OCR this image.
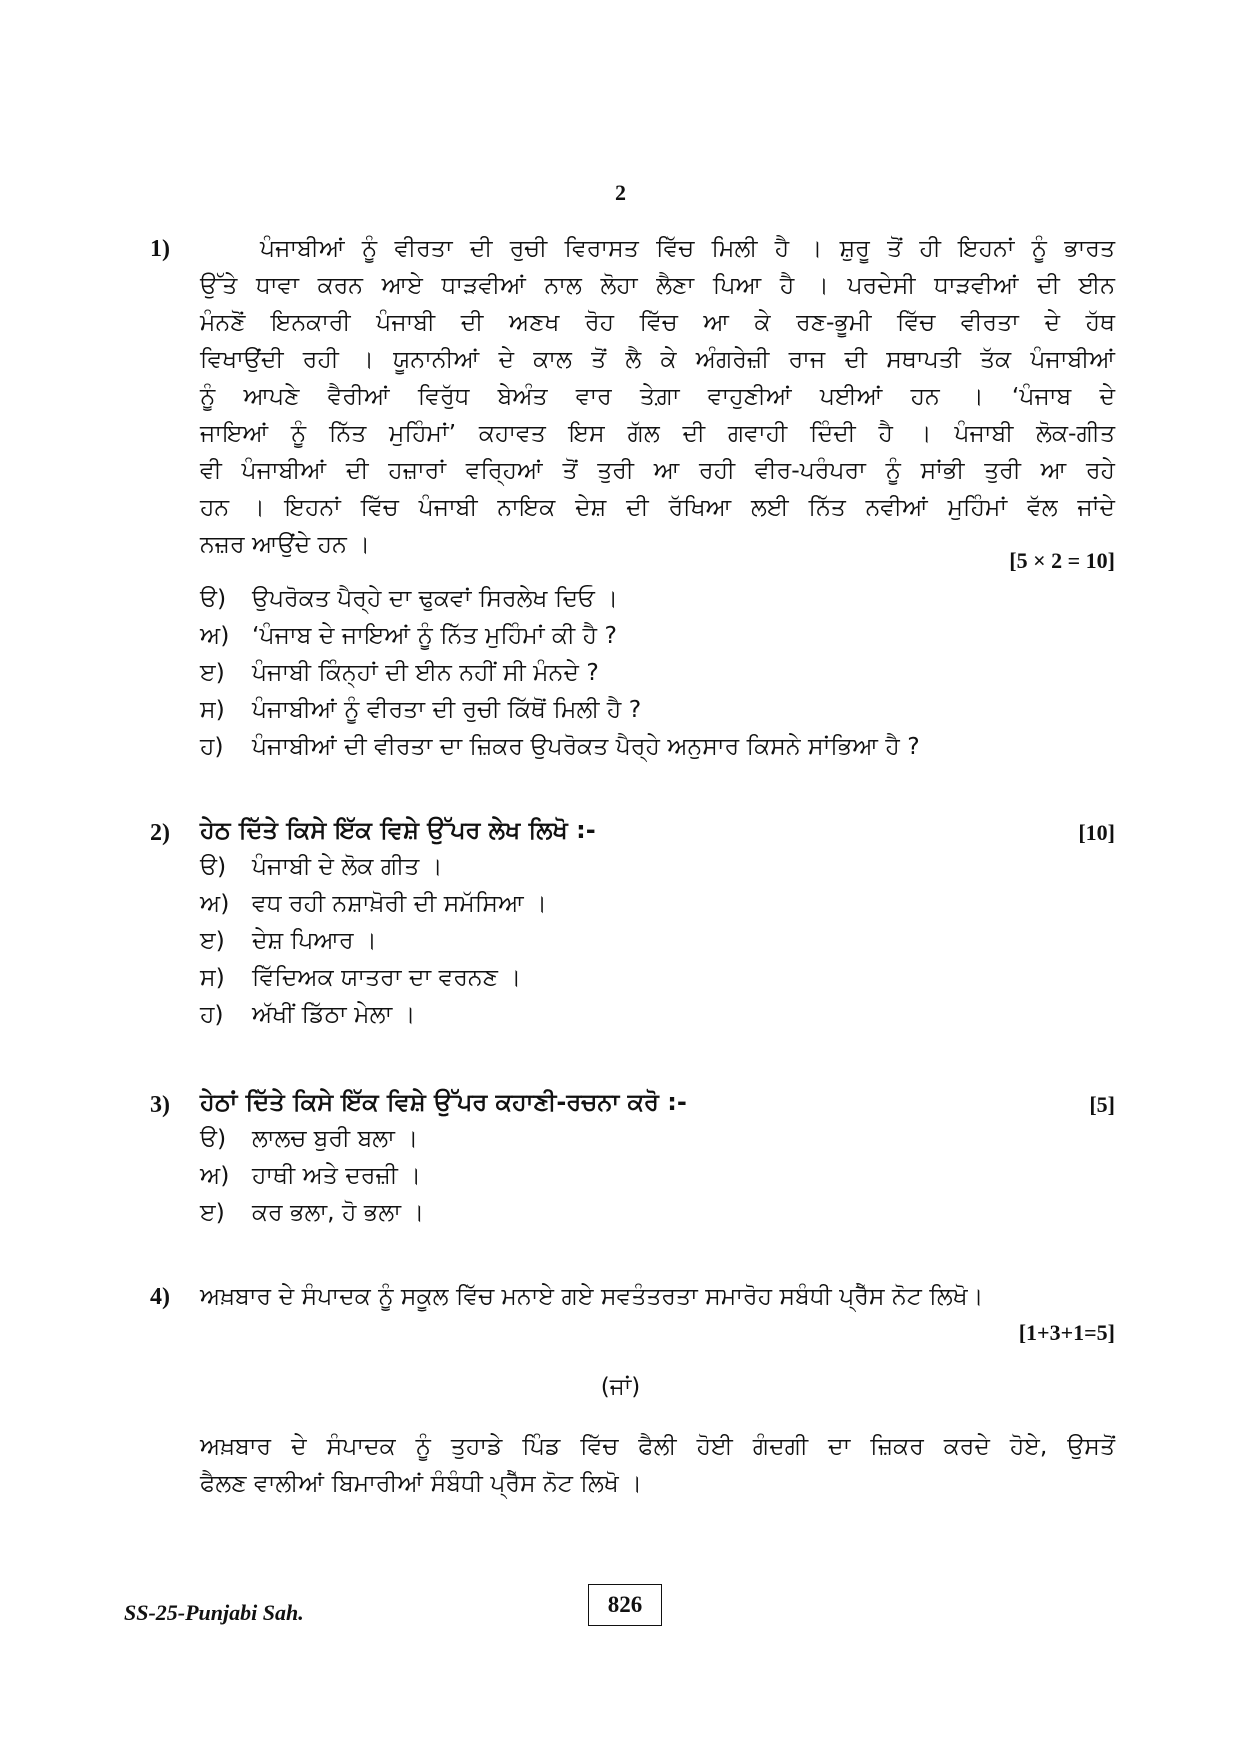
2
1)	ਪੰਜਾਬੀਆਂ ਨੂੰ ਵੀਰਤਾ ਦੀ ਰੁਚੀ ਵਿਰਾਸਤ ਵਿੱਚ ਮਿਲੀ ਹੈ । ਸ਼ੁਰੂ ਤੋਂ ਹੀ ਇਹਨਾਂ ਨੂੰ ਭਾਰਤ
ਉੱਤੇ ਧਾਵਾ ਕਰਨ ਆਏ ਧਾੜਵੀਆਂ ਨਾਲ ਲੋਹਾ ਲੈਣਾ ਪਿਆ ਹੈ । ਪਰਦੇਸੀ ਧਾੜਵੀਆਂ ਦੀ ਈਨ
ਮੰਨਣੋਂ ਇਨਕਾਰੀ ਪੰਜਾਬੀ ਦੀ ਅਣਖ ਰੋਹ ਵਿੱਚ ਆ ਕੇ ਰਣ-ਭੂਮੀ ਵਿੱਚ ਵੀਰਤਾ ਦੇ ਹੱਥ
ਵਿਖਾਉਂਦੀ ਰਹੀ । ਯੂਨਾਨੀਆਂ ਦੇ ਕਾਲ ਤੋਂ ਲੈ ਕੇ ਅੰਗਰੇਜ਼ੀ ਰਾਜ ਦੀ ਸਥਾਪਤੀ ਤੱਕ ਪੰਜਾਬੀਆਂ
ਨੂੰ ਆਪਣੇ ਵੈਰੀਆਂ ਵਿਰੁੱਧ ਬੇਅੰਤ ਵਾਰ ਤੇਗ਼ਾ ਵਾਹੁਣੀਆਂ ਪਈਆਂ ਹਨ । ‘ਪੰਜਾਬ ਦੇ
ਜਾਇਆਂ ਨੂੰ ਨਿੱਤ ਮੁਹਿੰਮਾਂ’ ਕਹਾਵਤ ਇਸ ਗੱਲ ਦੀ ਗਵਾਹੀ ਦਿੰਦੀ ਹੈ । ਪੰਜਾਬੀ ਲੋਕ-ਗੀਤ
ਵੀ ਪੰਜਾਬੀਆਂ ਦੀ ਹਜ਼ਾਰਾਂ ਵਰ੍ਹਿਆਂ ਤੋਂ ਤੁਰੀ ਆ ਰਹੀ ਵੀਰ-ਪਰੰਪਰਾ ਨੂੰ ਸਾਂਭੀ ਤੁਰੀ ਆ ਰਹੇ
ਹਨ । ਇਹਨਾਂ ਵਿੱਚ ਪੰਜਾਬੀ ਨਾਇਕ ਦੇਸ਼ ਦੀ ਰੱਖਿਆ ਲਈ ਨਿੱਤ ਨਵੀਆਂ ਮੁਹਿੰਮਾਂ ਵੱਲ ਜਾਂਦੇ
ਨਜ਼ਰ ਆਉਂਦੇ ਹਨ ।
[5 × 2 = 10]
ੳ) ਉਪਰੋਕਤ ਪੈਰ੍ਹੇ ਦਾ ਢੁਕਵਾਂ ਸਿਰਲੇਖ ਦਿਓ ।
ਅ) ‘ਪੰਜਾਬ ਦੇ ਜਾਇਆਂ ਨੂੰ ਨਿੱਤ ਮੁਹਿੰਮਾਂ ਕੀ ਹੈ ?
ੲ) ਪੰਜਾਬੀ ਕਿੰਨ੍ਹਾਂ ਦੀ ਈਨ ਨਹੀਂ ਸੀ ਮੰਨਦੇ ?
ਸ) ਪੰਜਾਬੀਆਂ ਨੂੰ ਵੀਰਤਾ ਦੀ ਰੁਚੀ ਕਿੱਥੋਂ ਮਿਲੀ ਹੈ ?
ਹ) ਪੰਜਾਬੀਆਂ ਦੀ ਵੀਰਤਾ ਦਾ ਜ਼ਿਕਰ ਉਪਰੋਕਤ ਪੈਰ੍ਹੇ ਅਨੁਸਾਰ ਕਿਸਨੇ ਸਾਂਭਿਆ ਹੈ ?
2) ਹੇਠ ਦਿੱਤੇ ਕਿਸੇ ਇੱਕ ਵਿਸ਼ੇ ਉੱਪਰ ਲੇਖ ਲਿਖੋ :-	[10]
ੳ) ਪੰਜਾਬੀ ਦੇ ਲੋਕ ਗੀਤ ।
ਅ) ਵਧ ਰਹੀ ਨਸ਼ਾਖ਼ੋਰੀ ਦੀ ਸਮੱਸਿਆ ।
ੲ) ਦੇਸ਼ ਪਿਆਰ ।
ਸ) ਵਿੱਦਿਅਕ ਯਾਤਰਾ ਦਾ ਵਰਨਣ ।
ਹ) ਅੱਖੀਂ ਡਿੱਠਾ ਮੇਲਾ ।
3) ਹੇਠਾਂ ਦਿੱਤੇ ਕਿਸੇ ਇੱਕ ਵਿਸ਼ੇ ਉੱਪਰ ਕਹਾਣੀ-ਰਚਨਾ ਕਰੋ :-	[5]
ੳ) ਲਾਲਚ ਬੁਰੀ ਬਲਾ ।
ਅ) ਹਾਥੀ ਅਤੇ ਦਰਜ਼ੀ ।
ੲ) ਕਰ ਭਲਾ, ਹੋ ਭਲਾ ।
4) ਅਖ਼ਬਾਰ ਦੇ ਸੰਪਾਦਕ ਨੂੰ ਸਕੂਲ ਵਿੱਚ ਮਨਾਏ ਗਏ ਸਵਤੰਤਰਤਾ ਸਮਾਰੋਹ ਸਬੰਧੀ ਪ੍ਰੈੱਸ ਨੋਟ ਲਿਖੋ।
[1+3+1=5]
(ਜਾਂ)
ਅਖ਼ਬਾਰ ਦੇ ਸੰਪਾਦਕ ਨੂੰ ਤੁਹਾਡੇ ਪਿੰਡ ਵਿੱਚ ਫੈਲੀ ਹੋਈ ਗੰਦਗੀ ਦਾ ਜ਼ਿਕਰ ਕਰਦੇ ਹੋਏ, ਉਸਤੋਂ
ਫੈਲਣ ਵਾਲੀਆਂ ਬਿਮਾਰੀਆਂ ਸੰਬੰਧੀ ਪ੍ਰੈੱਸ ਨੋਟ ਲਿਖੋ ।
SS-25-Punjabi Sah.	826
